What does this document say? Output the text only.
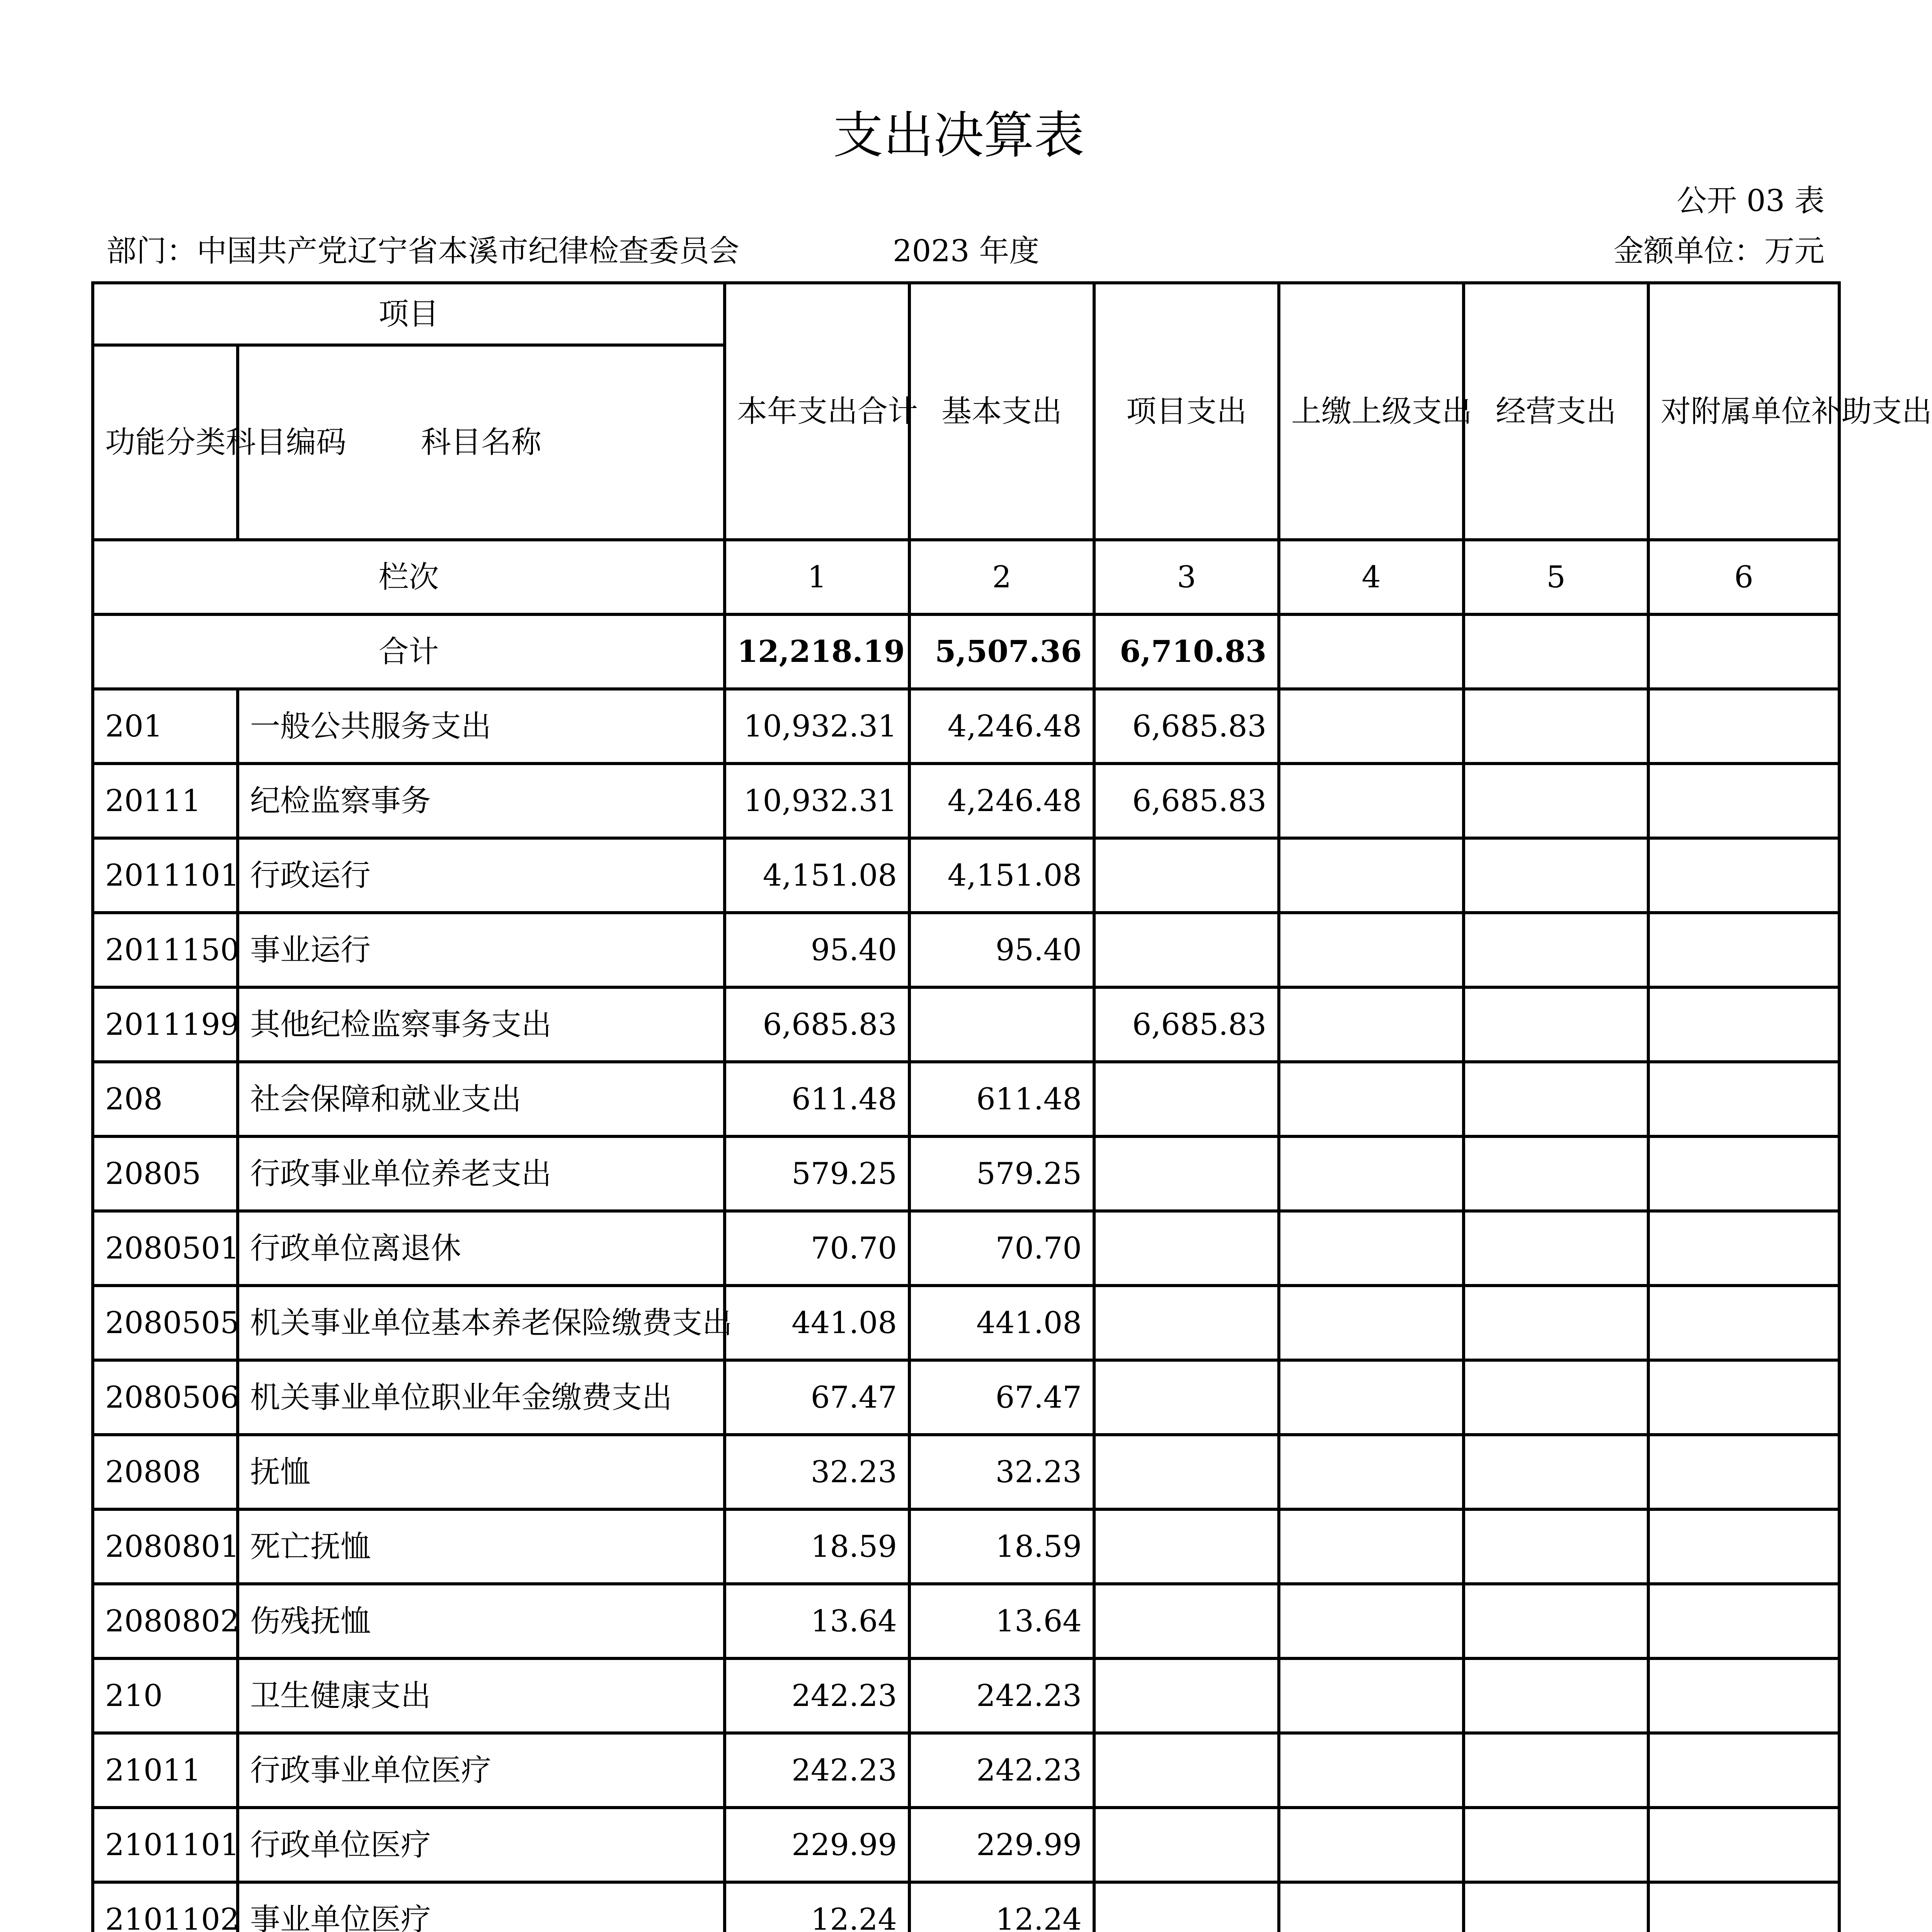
支出决算表
公开 03 表
部门：中国共产党辽宁省本溪市纪律检查委员会	2023 年度	金额单位：万元
项目		本年支出合计	基本支出	项目支出	上缴上级支出	经营支出	对附属单位补助支出
功能分类科目编码	科目名称						
栏次		1	2	3	4	5	6
合计		12,218.19	5,507.36	6,710.83			
201	一般公共服务支出	10,932.31	4,246.48	6,685.83			
20111	纪检监察事务	10,932.31	4,246.48	6,685.83			
2011101	行政运行	4,151.08	4,151.08				
2011150	事业运行	95.40	95.40				
2011199	其他纪检监察事务支出	6,685.83		6,685.83			
208	社会保障和就业支出	611.48	611.48				
20805	行政事业单位养老支出	579.25	579.25				
2080501	行政单位离退休	70.70	70.70				
2080505	机关事业单位基本养老保险缴费支出	441.08	441.08				
2080506	机关事业单位职业年金缴费支出	67.47	67.47				
20808	抚恤	32.23	32.23				
2080801	死亡抚恤	18.59	18.59				
2080802	伤残抚恤	13.64	13.64				
210	卫生健康支出	242.23	242.23				
21011	行政事业单位医疗	242.23	242.23				
2101101	行政单位医疗	229.99	229.99				
2101102	事业单位医疗	12.24	12.24				
